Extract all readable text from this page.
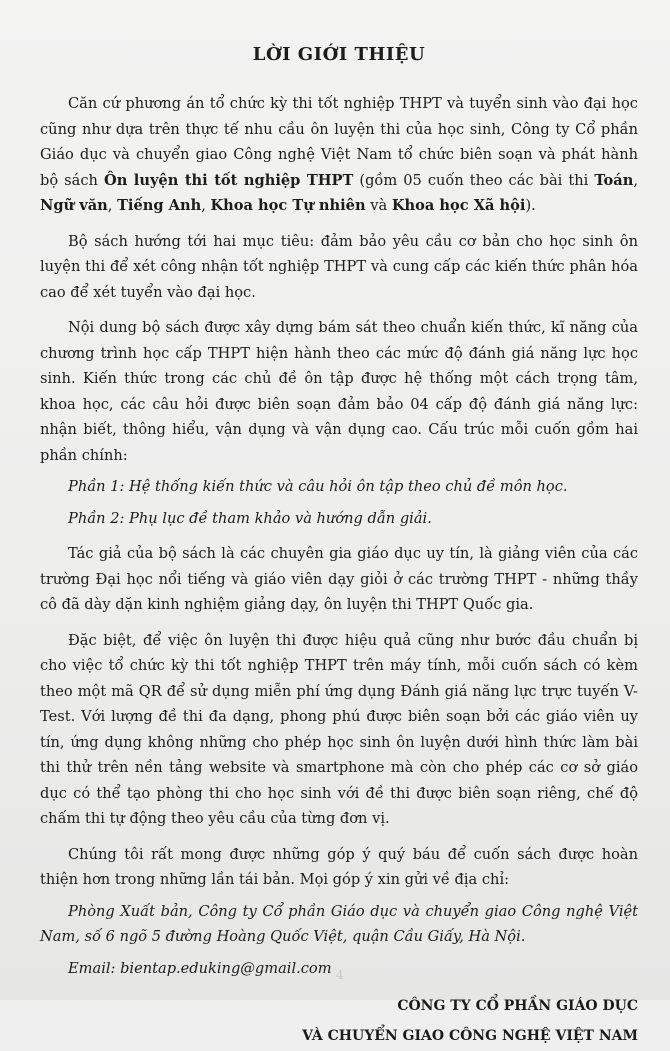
LỜI GIỚI THIỆU

Căn cứ phương án tổ chức kỳ thi tốt nghiệp THPT và tuyển sinh vào đại học cũng như dựa trên thực tế nhu cầu ôn luyện thi của học sinh, Công ty Cổ phần Giáo dục và chuyển giao Công nghệ Việt Nam tổ chức biên soạn và phát hành bộ sách Ôn luyện thi tốt nghiệp THPT (gồm 05 cuốn theo các bài thi Toán, Ngữ văn, Tiếng Anh, Khoa học Tự nhiên và Khoa học Xã hội).

Bộ sách hướng tới hai mục tiêu: đảm bảo yêu cầu cơ bản cho học sinh ôn luyện thi để xét công nhận tốt nghiệp THPT và cung cấp các kiến thức phân hóa cao để xét tuyển vào đại học.

Nội dung bộ sách được xây dựng bám sát theo chuẩn kiến thức, kĩ năng của chương trình học cấp THPT hiện hành theo các mức độ đánh giá năng lực học sinh. Kiến thức trong các chủ đề ôn tập được hệ thống một cách trọng tâm, khoa học, các câu hỏi được biên soạn đảm bảo 04 cấp độ đánh giá năng lực: nhận biết, thông hiểu, vận dụng và vận dụng cao. Cấu trúc mỗi cuốn gồm hai phần chính:

Phần 1: Hệ thống kiến thức và câu hỏi ôn tập theo chủ đề môn học.

Phần 2: Phụ lục đề tham khảo và hướng dẫn giải.

Tác giả của bộ sách là các chuyên gia giáo dục uy tín, là giảng viên của các trường Đại học nổi tiếng và giáo viên dạy giỏi ở các trường THPT - những thầy cô đã dày dặn kinh nghiệm giảng dạy, ôn luyện thi THPT Quốc gia.

Đặc biệt, để việc ôn luyện thi được hiệu quả cũng như bước đầu chuẩn bị cho việc tổ chức kỳ thi tốt nghiệp THPT trên máy tính, mỗi cuốn sách có kèm theo một mã QR để sử dụng miễn phí ứng dụng Đánh giá năng lực trực tuyến V-Test. Với lượng đề thi đa dạng, phong phú được biên soạn bởi các giáo viên uy tín, ứng dụng không những cho phép học sinh ôn luyện dưới hình thức làm bài thi thử trên nền tảng website và smartphone mà còn cho phép các cơ sở giáo dục có thể tạo phòng thi cho học sinh với đề thi được biên soạn riêng, chế độ chấm thi tự động theo yêu cầu của từng đơn vị.

Chúng tôi rất mong được những góp ý quý báu để cuốn sách được hoàn thiện hơn trong những lần tái bản. Mọi góp ý xin gửi về địa chỉ:

Phòng Xuất bản, Công ty Cổ phần Giáo dục và chuyển giao Công nghệ Việt Nam, số 6 ngõ 5 đường Hoàng Quốc Việt, quận Cầu Giấy, Hà Nội.

Email: bientap.eduking@gmail.com

CÔNG TY CỔ PHẦN GIÁO DỤC
VÀ CHUYỂN GIAO CÔNG NGHỆ VIỆT NAM
4
